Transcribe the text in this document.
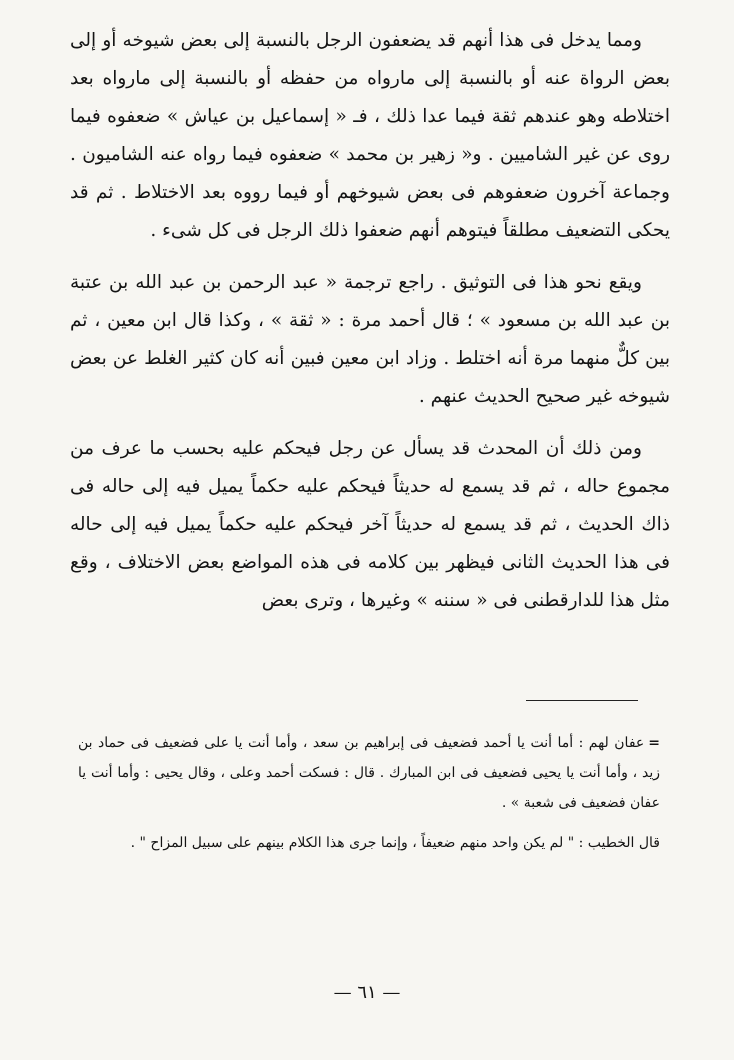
ومما يدخل فى هذا أنهم قد يضعفون الرجل بالنسبة إلى بعض شيوخه أو إلى بعض الرواة عنه أو بالنسبة إلى مارواه من حفظه أو بالنسبة إلى مارواه بعد اختلاطه وهو عندهم ثقة فيما عدا ذلك ، فـ « إسماعيل بن عياش » ضعفوه فيما روى عن غير الشاميين . و« زهير بن محمد » ضعفوه فيما رواه عنه الشاميون . وجماعة آخرون ضعفوهم فى بعض شيوخهم أو فيما رووه بعد الاختلاط . ثم قد يحكى التضعيف مطلقاً فيتوهم أنهم ضعفوا ذلك الرجل فى كل شىء .

ويقع نحو هذا فى التوثيق . راجع ترجمة « عبد الرحمن بن عبد الله بن عتبة بن عبد الله بن مسعود » ؛ قال أحمد مرة : « ثقة » ، وكذا قال ابن معين ، ثم بين كلٌّ منهما مرة أنه اختلط . وزاد ابن معين فبين أنه كان كثير الغلط عن بعض شيوخه غير صحيح الحديث عنهم .

ومن ذلك أن المحدث قد يسأل عن رجل فيحكم عليه بحسب ما عرف من مجموع حاله ، ثم قد يسمع له حديثاً فيحكم عليه حكماً يميل فيه إلى حاله فى ذاك الحديث ، ثم قد يسمع له حديثاً آخر فيحكم عليه حكماً يميل فيه إلى حاله فى هذا الحديث الثانى فيظهر بين كلامه فى هذه المواضع بعض الاختلاف ، وقع مثل هذا للدارقطنى فى « سننه » وغيرها ، وترى بعض

=عفان لهم : أما أنت يا أحمد فضعيف فى إبراهيم بن سعد ، وأما أنت يا على فضعيف فى حماد بن زيد ، وأما أنت يا يحيى فضعيف فى ابن المبارك . قال : فسكت أحمد وعلى ، وقال يحيى : وأما أنت يا عفان فضعيف فى شعبة » .

قال الخطيب : " لم يكن واحد منهم ضعيفاً ، وإنما جرى هذا الكلام بينهم على سبيل المزاح " .

— ٦١ —
